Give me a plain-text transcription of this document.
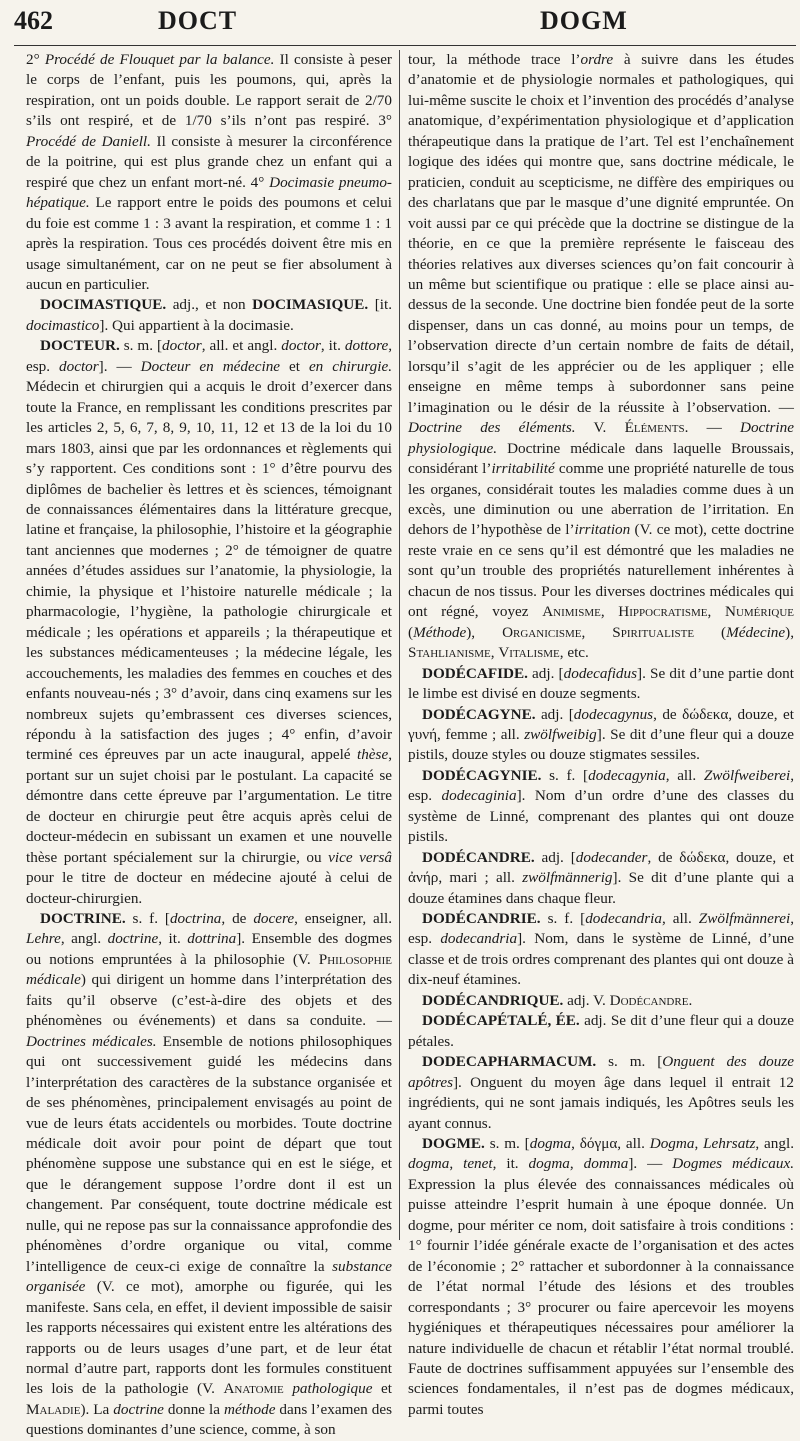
462	DOCT	DOGM

2° Procédé de Flouquet par la balance. Il consiste à peser le corps de l’enfant, puis les poumons, qui, après la respiration, ont un poids double. Le rapport serait de 2/70 s’ils ont respiré, et de 1/70 s’ils n’ont pas respiré. 3° Procédé de Daniell. Il consiste à mesurer la circonférence de la poitrine, qui est plus grande chez un enfant qui a respiré que chez un enfant mort-né. 4° Docimasie pneumo-hépatique. Le rapport entre le poids des poumons et celui du foie est comme 1 : 3 avant la respiration, et comme 1 : 1 après la respiration. Tous ces procédés doivent être mis en usage simultanément, car on ne peut se fier absolument à aucun en particulier.

DOCIMASTIQUE. adj., et non DOCIMASIQUE. [it. docimastico]. Qui appartient à la docimasie.

DOCTEUR. s. m. [doctor, all. et angl. doctor, it. dottore, esp. doctor]. — Docteur en médecine et en chirurgie. Médecin et chirurgien qui a acquis le droit d’exercer dans toute la France, en remplissant les conditions prescrites par les articles 2, 5, 6, 7, 8, 9, 10, 11, 12 et 13 de la loi du 10 mars 1803, ainsi que par les ordonnances et règlements qui s’y rapportent. Ces conditions sont : 1° d’être pourvu des diplômes de bachelier ès lettres et ès sciences, témoignant de connaissances élémentaires dans la littérature grecque, latine et française, la philosophie, l’histoire et la géographie tant anciennes que modernes ; 2° de témoigner de quatre années d’études assidues sur l’anatomie, la physiologie, la chimie, la physique et l’histoire naturelle médicale ; la pharmacologie, l’hygiène, la pathologie chirurgicale et médicale ; les opérations et appareils ; la thérapeutique et les substances médicamenteuses ; la médecine légale, les accouchements, les maladies des femmes en couches et des enfants nouveau-nés ; 3° d’avoir, dans cinq examens sur les nombreux sujets qu’embrassent ces diverses sciences, répondu à la satisfaction des juges ; 4° enfin, d’avoir terminé ces épreuves par un acte inaugural, appelé thèse, portant sur un sujet choisi par le postulant. La capacité se démontre dans cette épreuve par l’argumentation. Le titre de docteur en chirurgie peut être acquis après celui de docteur-médecin en subissant un examen et une nouvelle thèse portant spécialement sur la chirurgie, ou vice versâ pour le titre de docteur en médecine ajouté à celui de docteur-chirurgien.

DOCTRINE. s. f. [doctrina, de docere, enseigner, all. Lehre, angl. doctrine, it. dottrina]. Ensemble des dogmes ou notions empruntées à la philosophie (V. Philosophie médicale) qui dirigent un homme dans l’interprétation des faits qu’il observe (c’est-à-dire des objets et des phénomènes ou événements) et dans sa conduite. — Doctrines médicales. Ensemble de notions philosophiques qui ont successivement guidé les médecins dans l’interprétation des caractères de la substance organisée et de ses phénomènes, principalement envisagés au point de vue de leurs états accidentels ou morbides. Toute doctrine médicale doit avoir pour point de départ que tout phénomène suppose une substance qui en est le siége, et que le dérangement suppose l’ordre dont il est un changement. Par conséquent, toute doctrine médicale est nulle, qui ne repose pas sur la connaissance approfondie des phénomènes d’ordre organique ou vital, comme l’intelligence de ceux-ci exige de connaître la substance organisée (V. ce mot), amorphe ou figurée, qui les manifeste. Sans cela, en effet, il devient impossible de saisir les rapports nécessaires qui existent entre les altérations des rapports ou de leurs usages d’une part, et de leur état normal d’autre part, rapports dont les formules constituent les lois de la pathologie (V. Anatomie pathologique et Maladie). La doctrine donne la méthode dans l’examen des questions dominantes d’une science, comme, à son

tour, la méthode trace l’ordre à suivre dans les études d’anatomie et de physiologie normales et pathologiques, qui lui-même suscite le choix et l’invention des procédés d’analyse anatomique, d’expérimentation physiologique et d’application thérapeutique dans la pratique de l’art. Tel est l’enchaînement logique des idées qui montre que, sans doctrine médicale, le praticien, conduit au scepticisme, ne diffère des empiriques ou des charlatans que par le masque d’une dignité empruntée. On voit aussi par ce qui précède que la doctrine se distingue de la théorie, en ce que la première représente le faisceau des théories relatives aux diverses sciences qu’on fait concourir à un même but scientifique ou pratique : elle se place ainsi au-dessus de la seconde. Une doctrine bien fondée peut de la sorte dispenser, dans un cas donné, au moins pour un temps, de l’observation directe d’un certain nombre de faits de détail, lorsqu’il s’agit de les apprécier ou de les appliquer ; elle enseigne en même temps à subordonner sans peine l’imagination ou le désir de la réussite à l’observation. — Doctrine des éléments. V. Éléments. — Doctrine physiologique. Doctrine médicale dans laquelle Broussais, considérant l’irritabilité comme une propriété naturelle de tous les organes, considérait toutes les maladies comme dues à un excès, une diminution ou une aberration de l’irritation. En dehors de l’hypothèse de l’irritation (V. ce mot), cette doctrine reste vraie en ce sens qu’il est démontré que les maladies ne sont qu’un trouble des propriétés naturellement inhérentes à chacun de nos tissus. Pour les diverses doctrines médicales qui ont régné, voyez Animisme, Hippocratisme, Numérique (Méthode), Organicisme, Spiritualiste (Médecine), Stahlianisme, Vitalisme, etc.

DODÉCAFIDE. adj. [dodecafidus]. Se dit d’une partie dont le limbe est divisé en douze segments.

DODÉCAGYNE. adj. [dodecagynus, de δώδεκα, douze, et γυνή, femme ; all. zwölfweibig]. Se dit d’une fleur qui a douze pistils, douze styles ou douze stigmates sessiles.

DODÉCAGYNIE. s. f. [dodecagynia, all. Zwölfweiberei, esp. dodecaginia]. Nom d’un ordre d’une des classes du système de Linné, comprenant des plantes qui ont douze pistils.

DODÉCANDRE. adj. [dodecander, de δώδεκα, douze, et ἀνήρ, mari ; all. zwölfmännerig]. Se dit d’une plante qui a douze étamines dans chaque fleur.

DODÉCANDRIE. s. f. [dodecandria, all. Zwölfmännerei, esp. dodecandria]. Nom, dans le système de Linné, d’une classe et de trois ordres comprenant des plantes qui ont douze à dix-neuf étamines.

DODÉCANDRIQUE. adj. V. Dodécandre.

DODÉCAPÉTALÉ, ÉE. adj. Se dit d’une fleur qui a douze pétales.

DODECAPHARMACUM. s. m. [Onguent des douze apôtres]. Onguent du moyen âge dans lequel il entrait 12 ingrédients, qui ne sont jamais indiqués, les Apôtres seuls les ayant connus.

DOGME. s. m. [dogma, δόγμα, all. Dogma, Lehrsatz, angl. dogma, tenet, it. dogma, domma]. — Dogmes médicaux. Expression la plus élevée des connaissances médicales où puisse atteindre l’esprit humain à une époque donnée. Un dogme, pour mériter ce nom, doit satisfaire à trois conditions : 1° fournir l’idée générale exacte de l’organisation et des actes de l’économie ; 2° rattacher et subordonner à la connaissance de l’état normal l’étude des lésions et des troubles correspondants ; 3° procurer ou faire apercevoir les moyens hygiéniques et thérapeutiques nécessaires pour améliorer la nature individuelle de chacun et rétablir l’état normal troublé. Faute de doctrines suffisamment appuyées sur l’ensemble des sciences fondamentales, il n’est pas de dogmes médicaux, parmi toutes
